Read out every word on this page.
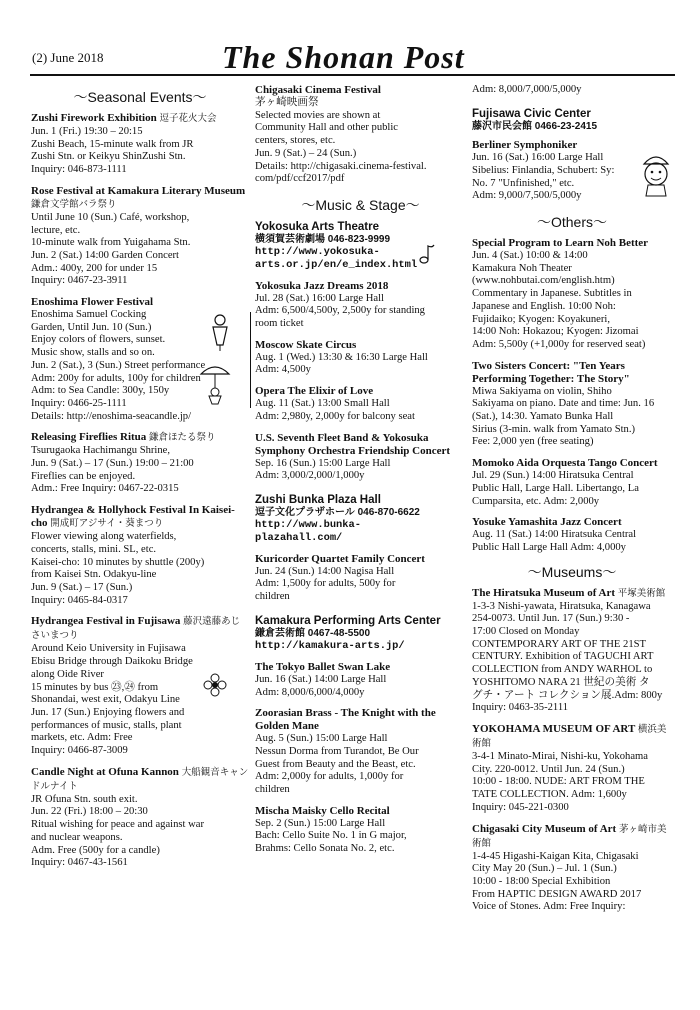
(2) June 2018	The Shonan Post
〜Seasonal Events〜
Zushi Firework Exhibition 逗子花火大会
Jun. 1 (Fri.) 19:30 – 20:15
Zushi Beach, 15-minute walk from JR
Zushi Stn. or Keikyu ShinZushi Stn.
Inquiry: 046-873-1111
Rose Festival at Kamakura Literary Museum 鎌倉文学館バラ祭り
Until June 10 (Sun.) Café, workshop,
lecture, etc.
10-minute walk from Yuigahama Stn.
Jun. 2 (Sat.) 14:00 Garden Concert
Adm.: 400y, 200 for under 15
Inquiry: 0467-23-3911
Enoshima Flower Festival
Enoshima Samuel Cocking
Garden, Until Jun. 10 (Sun.)
Enjoy colors of flowers, sunset.
Music show, stalls and so on.
Jun. 2 (Sat.), 3 (Sun.) Street performance
Adm: 200y for adults, 100y for children
Adm: to Sea Candle: 300y, 150y
Inquiry: 0466-25-1111
Details: http://enoshima-seacandle.jp/
Releasing Fireflies Ritua 鎌倉ほたる祭り
Tsurugaoka Hachimangu Shrine,
Jun. 9 (Sat.) – 17 (Sun.) 19:00 – 21:00
Fireflies can be enjoyed.
Adm.: Free Inquiry: 0467-22-0315
Hydrangea & Hollyhock Festival In Kaisei-cho 開成町アジサイ・葵まつり
Flower viewing along waterfields,
concerts, stalls, mini. SL, etc.
Kaisei-cho: 10 minutes by shuttle (200y)
from Kaisei Stn. Odakyu-line
Jun. 9 (Sat.) – 17 (Sun.)
Inquiry: 0465-84-0317
Hydrangea Festival in Fujisawa 藤沢遠藤あじさいまつり
Around Keio University in Fujisawa
Ebisu Bridge through Daikoku Bridge
along Oide River
15 minutes by bus ㉓,㉔ from
Shonandai, west exit, Odakyu Line
Jun. 17 (Sun.) Enjoying flowers and
performances of music, stalls, plant
markets, etc. Adm: Free
Inquiry: 0466-87-3009
Candle Night at Ofuna Kannon 大船観音キャンドルナイト
JR Ofuna Stn. south exit.
Jun. 22 (Fri.) 18:00 – 20:30
Ritual wishing for peace and against war
and nuclear weapons.
Adm. Free (500y for a candle)
Inquiry: 0467-43-1561
Chigasaki Cinema Festival
茅ヶ崎映画祭
Selected movies are shown at
Community Hall and other public
centers, stores, etc.
Jun. 9 (Sat.) – 24 (Sun.)
Details: http://chigasaki.cinema-festival.
com/pdf/ccf2017/pdf
〜Music & Stage〜
Yokosuka Arts Theatre
横須賀芸術劇場 046-823-9999
http://www.yokosuka-
arts.or.jp/en/e_index.html
Yokosuka Jazz Dreams 2018
Jul. 28 (Sat.) 16:00 Large Hall
Adm: 6,500/4,500y, 2,500y for standing
room ticket
Moscow Skate Circus
Aug. 1 (Wed.) 13:30 & 16:30 Large Hall
Adm: 4,500y
Opera The Elixir of Love
Aug. 11 (Sat.) 13:00 Small Hall
Adm: 2,980y, 2,000y for balcony seat
U.S. Seventh Fleet Band & Yokosuka Symphony Orchestra Friendship Concert
Sep. 16 (Sun.) 15:00 Large Hall
Adm: 3,000/2,000/1,000y
Zushi Bunka Plaza Hall
逗子文化プラザホール 046-870-6622
http://www.bunka-
plazahall.com/
Kuricorder Quartet Family Concert
Jun. 24 (Sun.) 14:00 Nagisa Hall
Adm: 1,500y for adults, 500y for
children
Kamakura Performing Arts Center
鎌倉芸術館 0467-48-5500
http://kamakura-arts.jp/
The Tokyo Ballet Swan Lake
Jun. 16 (Sat.) 14:00 Large Hall
Adm: 8,000/6,000/4,000y
Zoorasian Brass - The Knight with the Golden Mane
Aug. 5 (Sun.) 15:00 Large Hall
Nessun Dorma from Turandot, Be Our
Guest from Beauty and the Beast, etc.
Adm: 2,000y for adults, 1,000y for
children
Mischa Maisky Cello Recital
Sep. 2 (Sun.) 15:00 Large Hall
Bach: Cello Suite No. 1 in G major,
Brahms: Cello Sonata No. 2, etc.
Adm: 8,000/7,000/5,000y
Fujisawa Civic Center
藤沢市民会館 0466-23-2415
Berliner Symphoniker
Jun. 16 (Sat.) 16:00 Large Hall
Sibelius: Finlandia, Schubert: Sy:
No. 7 "Unfinished," etc.
Adm: 9,000/7,500/5,000y
〜Others〜
Special Program to Learn Noh Better
Jun. 4 (Sat.) 10:00 & 14:00
Kamakura Noh Theater
(www.nohbutai.com/english.htm)
Commentary in Japanese. Subtitles in
Japanese and English. 10:00 Noh:
Fujidaiko; Kyogen: Koyakuneri,
14:00 Noh: Hokazou; Kyogen: Jizomai
Adm: 5,500y (+1,000y for reserved seat)
Two Sisters Concert: "Ten Years Performing Together: The Story"
Miwa Sakiyama on violin, Shiho
Sakiyama on piano. Date and time: Jun. 16
(Sat.), 14:30. Yamato Bunka Hall
Sirius (3-min. walk from Yamato Stn.)
Fee: 2,000 yen (free seating)
Momoko Aida Orquesta Tango Concert
Jul. 29 (Sun.) 14:00 Hiratsuka Central
Public Hall, Large Hall. Libertango, La
Cumparsita, etc. Adm: 2,000y
Yosuke Yamashita Jazz Concert
Aug. 11 (Sat.) 14:00 Hiratsuka Central
Public Hall Large Hall Adm: 4,000y
〜Museums〜
The Hiratsuka Museum of Art 平塚美術館
1-3-3 Nishi-yawata, Hiratsuka, Kanagawa
254-0073. Until Jun. 17 (Sun.) 9:30 -
17:00 Closed on Monday
CONTEMPORARY ART OF THE 21ST
CENTURY. Exhibition of TAGUCHI ART
COLLECTION from ANDY WARHOL to
YOSHITOMO NARA 21 世紀の美術 タ
グチ・アート コレクション展.Adm: 800y
Inquiry: 0463-35-2111
YOKOHAMA MUSEUM OF ART 横浜美術館
3-4-1 Minato-Mirai, Nishi-ku, Yokohama
City. 220-0012. Until Jun. 24 (Sun.)
10:00 - 18:00. NUDE: ART FROM THE
TATE COLLECTION. Adm: 1,600y
Inquiry: 045-221-0300
Chigasaki City Museum of Art 茅ヶ崎市美術館
1-4-45 Higashi-Kaigan Kita, Chigasaki
City May 20 (Sun.) – Jul. 1 (Sun.)
10:00 - 18:00 Special Exhibition
From HAPTIC DESIGN AWARD 2017
Voice of Stones. Adm: Free Inquiry:
